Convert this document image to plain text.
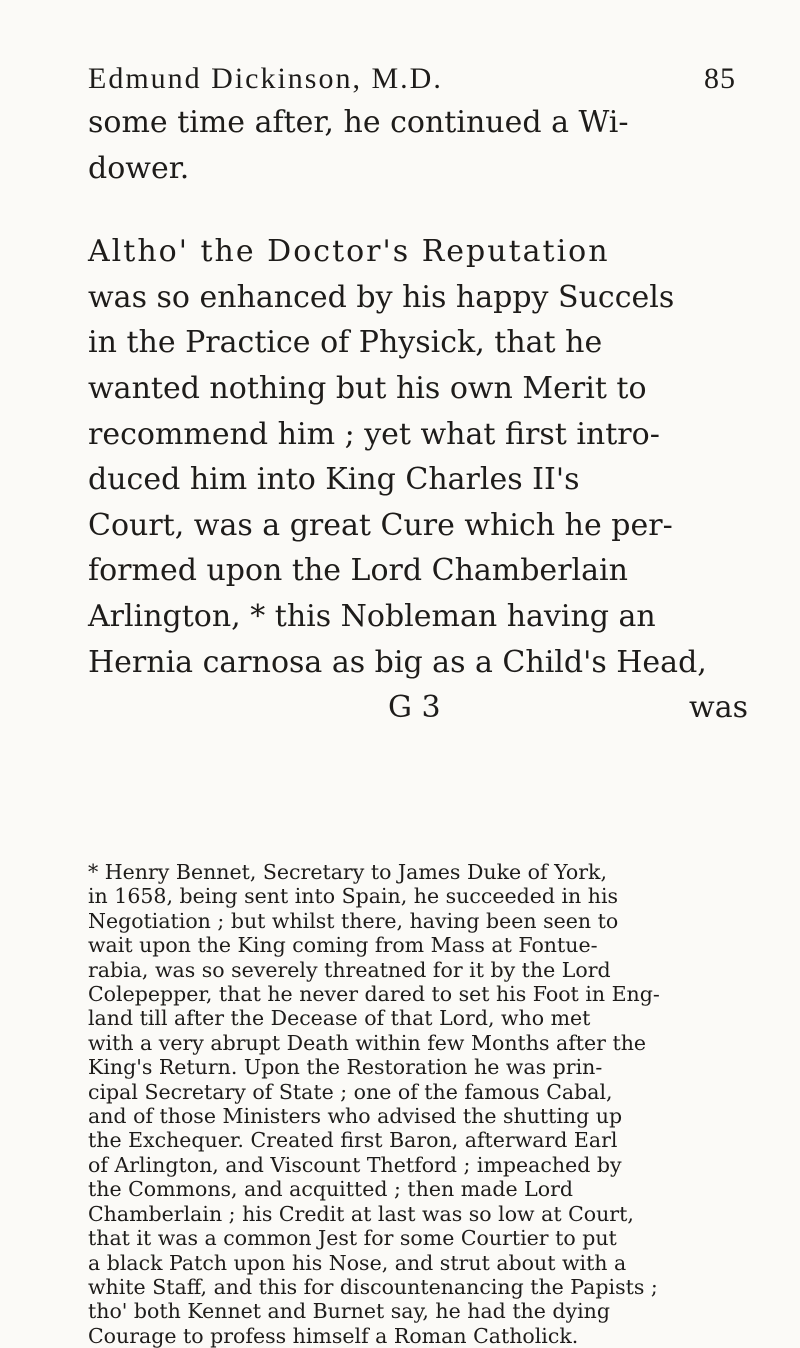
Edmund Dickinson, M.D.	85
some time after, he continued a Wi-
dower.
Altho' the Doctor's Reputation
was so enhanced by his happy Succels
in the Practice of Physick, that he
wanted nothing but his own Merit to
recommend him ; yet what first intro-
duced him into King Charles II's
Court, was a great Cure which he per-
formed upon the Lord Chamberlain
Arlington, * this Nobleman having an
Hernia carnosa as big as a Child's Head,
G 3	was
* Henry Bennet, Secretary to James Duke of York,
in 1658, being sent into Spain, he succeeded in his
Negotiation ; but whilst there, having been seen to
wait upon the King coming from Mass at Fontue-
rabia, was so severely threatned for it by the Lord
Colepepper, that he never dared to set his Foot in Eng-
land till after the Decease of that Lord, who met
with a very abrupt Death within few Months after the
King's Return. Upon the Restoration he was prin-
cipal Secretary of State ; one of the famous Cabal,
and of those Ministers who advised the shutting up
the Exchequer. Created first Baron, afterward Earl
of Arlington, and Viscount Thetford ; impeached by
the Commons, and acquitted ; then made Lord
Chamberlain ; his Credit at last was so low at Court,
that it was a common Jest for some Courtier to put
a black Patch upon his Nose, and strut about with a
white Staff, and this for discountenancing the Papists ;
tho' both Kennet and Burnet say, he had the dying
Courage to profess himself a Roman Catholick.
